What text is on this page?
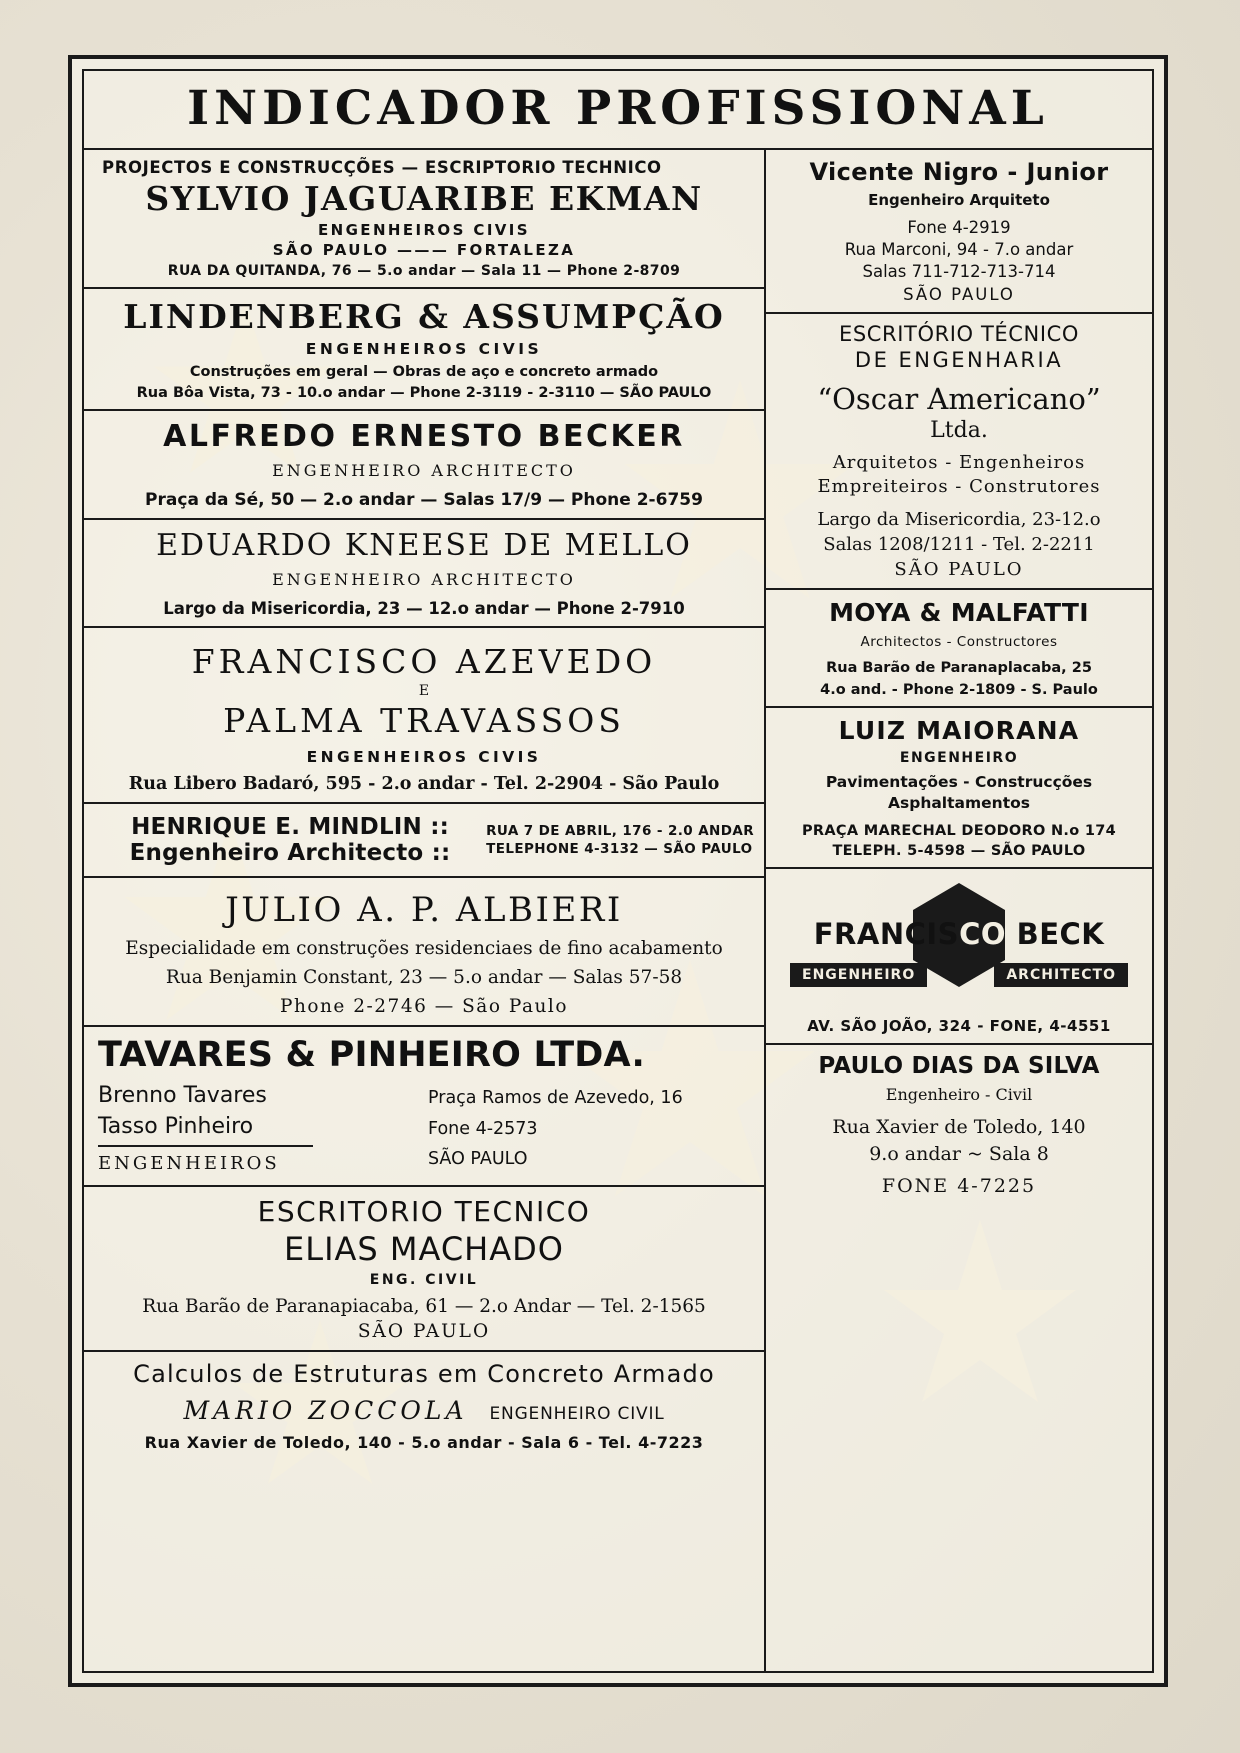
INDICADOR PROFISSIONAL
PROJECTOS E CONSTRUCÇÕES — ESCRIPTORIO TECHNICO
SYLVIO JAGUARIBE EKMAN
ENGENHEIROS CIVIS
SÃO PAULO ——— FORTALEZA
RUA DA QUITANDA, 76 — 5.o andar — Sala 11 — Phone 2-8709
LINDENBERG & ASSUMPÇÃO
ENGENHEIROS CIVIS
Construções em geral — Obras de aço e concreto armado
Rua Bôa Vista, 73 - 10.o andar — Phone 2-3119 - 2-3110 — SÃO PAULO
ALFREDO ERNESTO BECKER
ENGENHEIRO ARCHITECTO
Praça da Sé, 50 — 2.o andar — Salas 17/9 — Phone 2-6759
EDUARDO KNEESE DE MELLO
ENGENHEIRO ARCHITECTO
Largo da Misericordia, 23 — 12.o andar — Phone 2-7910
FRANCISCO AZEVEDO
E
PALMA TRAVASSOS
ENGENHEIROS CIVIS
Rua Libero Badaró, 595 - 2.o andar - Tel. 2-2904 - São Paulo
HENRIQUE E. MINDLIN :: Engenheiro Architecto ::
RUA 7 DE ABRIL, 176 - 2.0 ANDAR
TELEPHONE 4-3132 — SÃO PAULO
JULIO A. P. ALBIERI
Especialidade em construções residenciaes de fino acabamento
Rua Benjamin Constant, 23 — 5.o andar — Salas 57-58
Phone 2-2746 — São Paulo
TAVARES & PINHEIRO LTDA.
Brenno Tavares
Tasso Pinheiro
ENGENHEIROS
Praça Ramos de Azevedo, 16
Fone 4-2573
SÃO PAULO
ESCRITORIO TECNICO
ELIAS MACHADO
ENG. CIVIL
Rua Barão de Paranapiacaba, 61 — 2.o Andar — Tel. 2-1565
SÃO PAULO
Calculos de Estruturas em Concreto Armado
MARIO ZOCCOLA ENGENHEIRO CIVIL
Rua Xavier de Toledo, 140 - 5.o andar - Sala 6 - Tel. 4-7223
Vicente Nigro - Junior
Engenheiro Arquiteto
Fone 4-2919
Rua Marconi, 94 - 7.o andar
Salas 711-712-713-714
SÃO PAULO
ESCRITÓRIO TÉCNICO
DE ENGENHARIA
“Oscar Americano”
Ltda.
Arquitetos - Engenheiros
Empreiteiros - Construtores
Largo da Misericordia, 23-12.o
Salas 1208/1211 - Tel. 2-2211
SÃO PAULO
MOYA & MALFATTI
Architectos - Constructores
Rua Barão de Paranaplacaba, 25
4.o and. - Phone 2-1809 - S. Paulo
LUIZ MAIORANA
ENGENHEIRO
Pavimentações - Construcções
Asphaltamentos
PRAÇA MARECHAL DEODORO N.o 174
TELEPH. 5-4598 — SÃO PAULO
FRANCISCO BECK
ENGENHEIRO	ARCHITECTO
AV. SÃO JOÃO, 324 - FONE, 4-4551
PAULO DIAS DA SILVA
Engenheiro - Civil
Rua Xavier de Toledo, 140
9.o andar ~ Sala 8
FONE 4-7225
